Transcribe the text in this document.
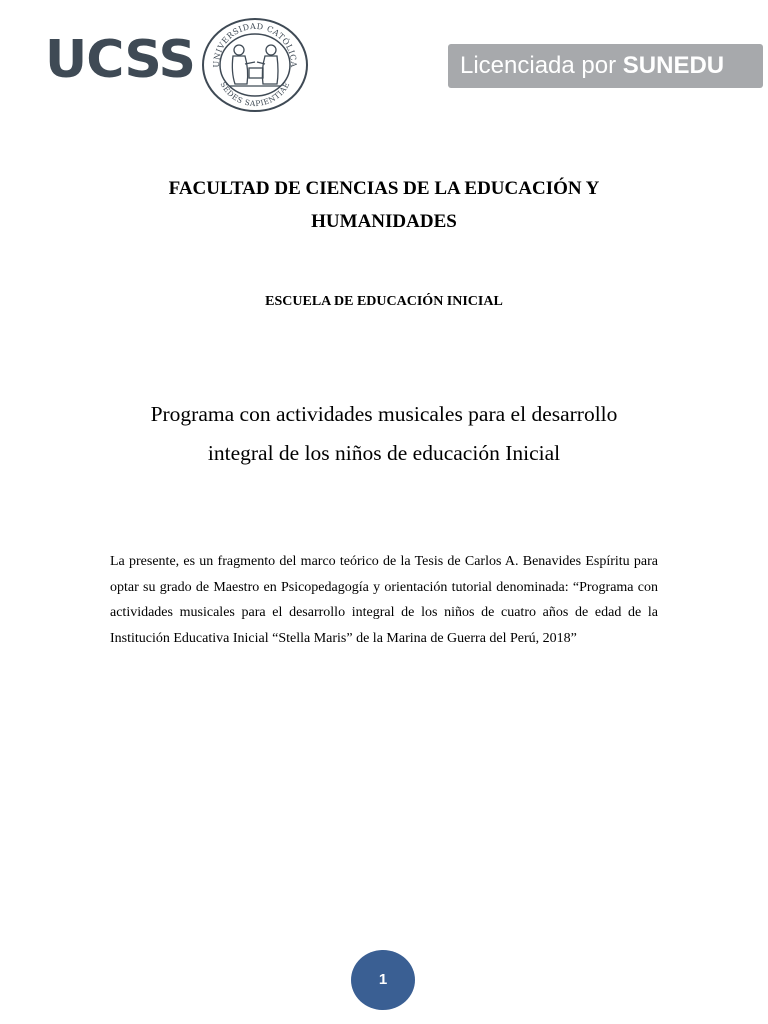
UCSS UNIVERSIDAD CATÓLICA
SEDES SAPIENTIAE
Licenciada por SUNEDU
FACULTAD DE CIENCIAS DE LA EDUCACIÓN Y
HUMANIDADES
ESCUELA DE EDUCACIÓN INICIAL
Programa con actividades musicales para el desarrollo
integral de los niños de educación Inicial

La presente, es un fragmento del marco teórico de la Tesis de Carlos A. Benavides Espíritu para optar su grado de Maestro en Psicopedagogía y orientación tutorial denominada: “Programa con actividades musicales para el desarrollo integral de los niños de cuatro años de edad de la Institución Educativa Inicial “Stella Maris” de la Marina de Guerra del Perú, 2018”

1
